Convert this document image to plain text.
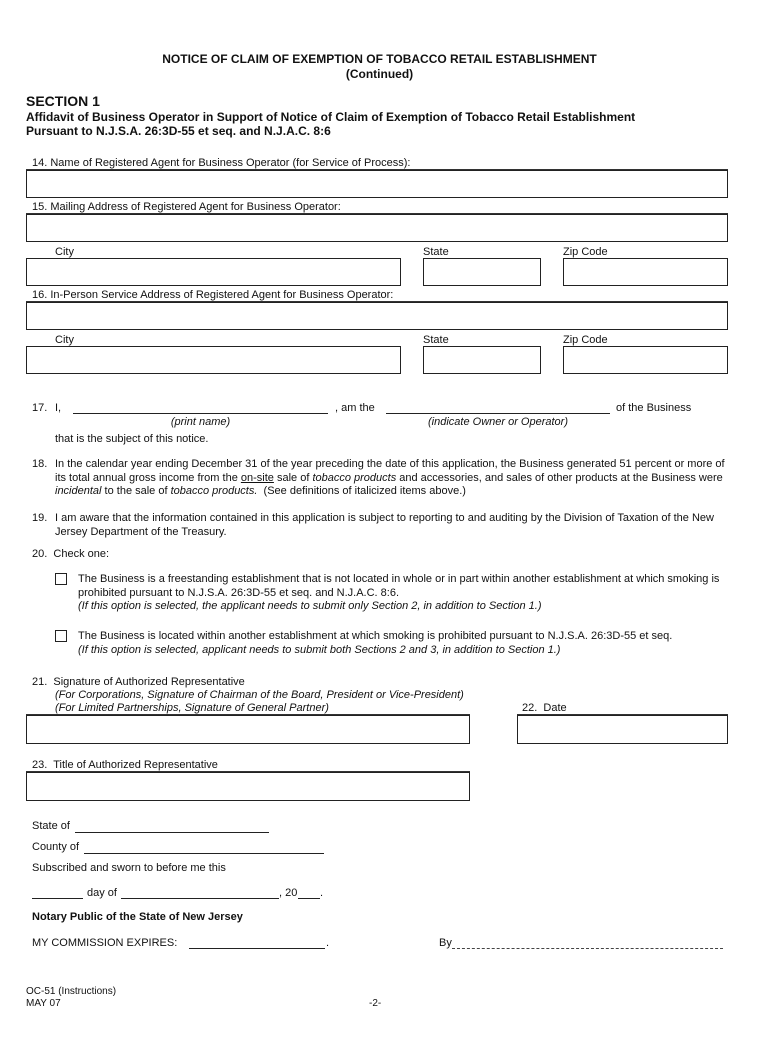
NOTICE OF CLAIM OF EXEMPTION OF TOBACCO RETAIL ESTABLISHMENT
(Continued)
SECTION 1
Affidavit of Business Operator in Support of Notice of Claim of Exemption of Tobacco Retail Establishment
Pursuant to N.J.S.A. 26:3D-55 et seq. and N.J.A.C. 8:6
14. Name of Registered Agent for Business Operator (for Service of Process):
15. Mailing Address of Registered Agent for Business Operator:
City	State	Zip Code
16. In-Person Service Address of Registered Agent for Business Operator:
City	State	Zip Code
17. I,	, am the	of the Business
(print name)	(indicate Owner or Operator)
that is the subject of this notice.
18. In the calendar year ending December 31 of the year preceding the date of this application, the Business generated 51 percent or more of its total annual gross income from the on-site sale of tobacco products and accessories, and sales of other products at the Business were incidental to the sale of tobacco products.  (See definitions of italicized items above.)
19. I am aware that the information contained in this application is subject to reporting to and auditing by the Division of Taxation of the New Jersey Department of the Treasury.
20.  Check one:
The Business is a freestanding establishment that is not located in whole or in part within another establishment at which smoking is prohibited pursuant to N.J.S.A. 26:3D-55 et seq. and N.J.A.C. 8:6.
(If this option is selected, the applicant needs to submit only Section 2, in addition to Section 1.)
The Business is located within another establishment at which smoking is prohibited pursuant to N.J.S.A. 26:3D-55 et seq.
(If this option is selected, applicant needs to submit both Sections 2 and 3, in addition to Section 1.)
21.  Signature of Authorized Representative
(For Corporations, Signature of Chairman of the Board, President or Vice-President)
(For Limited Partnerships, Signature of General Partner)	22.  Date
23.  Title of Authorized Representative
State of
County of
Subscribed and sworn to before me this
day of	, 20 .
Notary Public of the State of New Jersey
MY COMMISSION EXPIRES:	.	By
OC-51 (Instructions)
MAY 07	-2-
